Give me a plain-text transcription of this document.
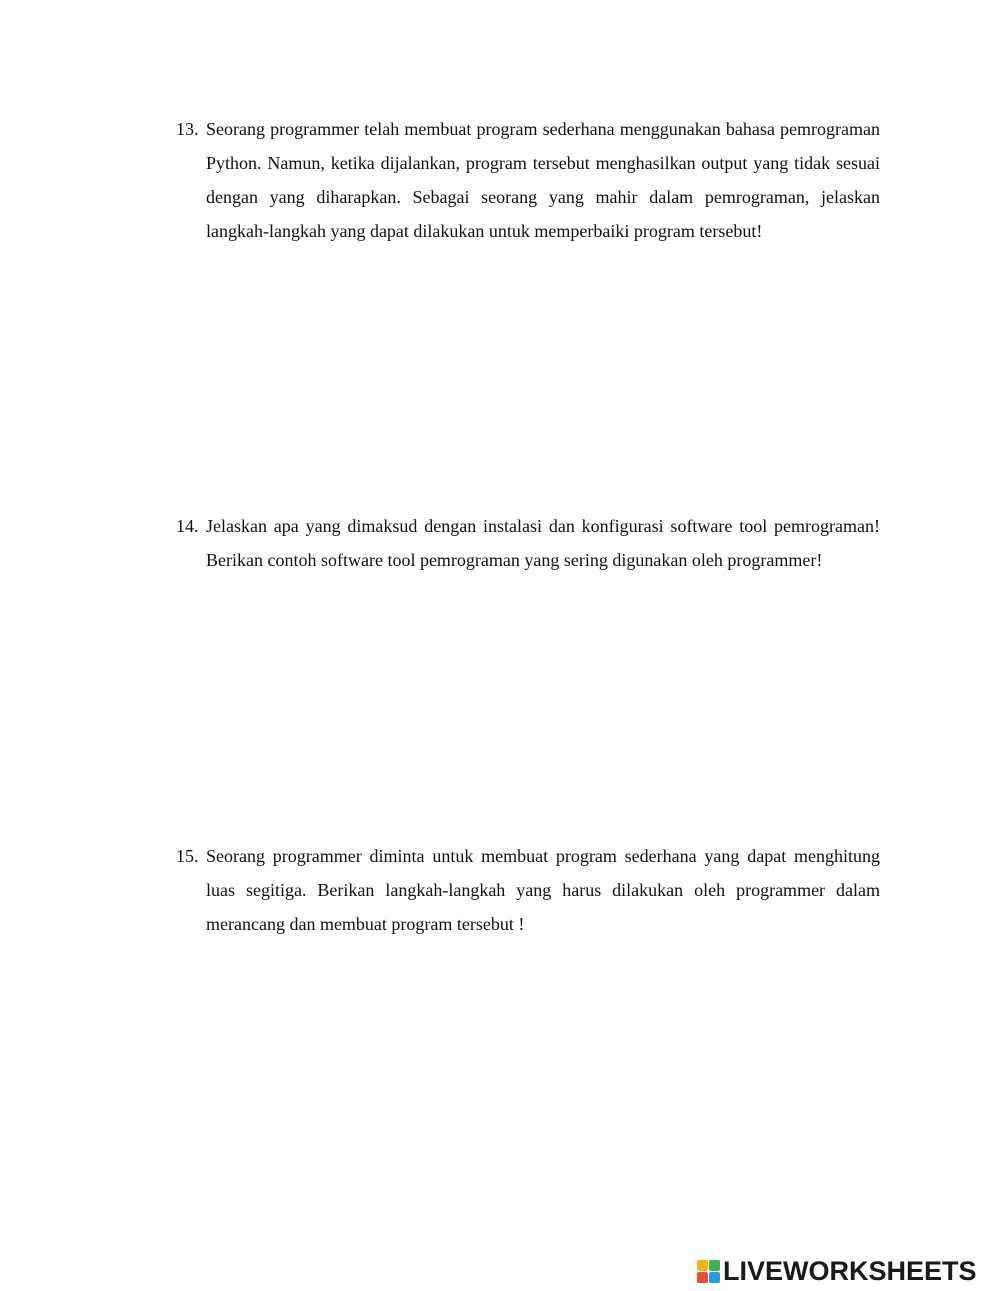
13. Seorang programmer telah membuat program sederhana menggunakan bahasa pemrograman Python. Namun, ketika dijalankan, program tersebut menghasilkan output yang tidak sesuai dengan yang diharapkan. Sebagai seorang yang mahir dalam pemrograman, jelaskan langkah-langkah yang dapat dilakukan untuk memperbaiki program tersebut!
14. Jelaskan apa yang dimaksud dengan instalasi dan konfigurasi software tool pemrograman! Berikan contoh software tool pemrograman yang sering digunakan oleh programmer!
15. Seorang programmer diminta untuk membuat program sederhana yang dapat menghitung luas segitiga. Berikan langkah-langkah yang harus dilakukan oleh programmer dalam merancang dan membuat program tersebut !
LIVEWORKSHEETS
